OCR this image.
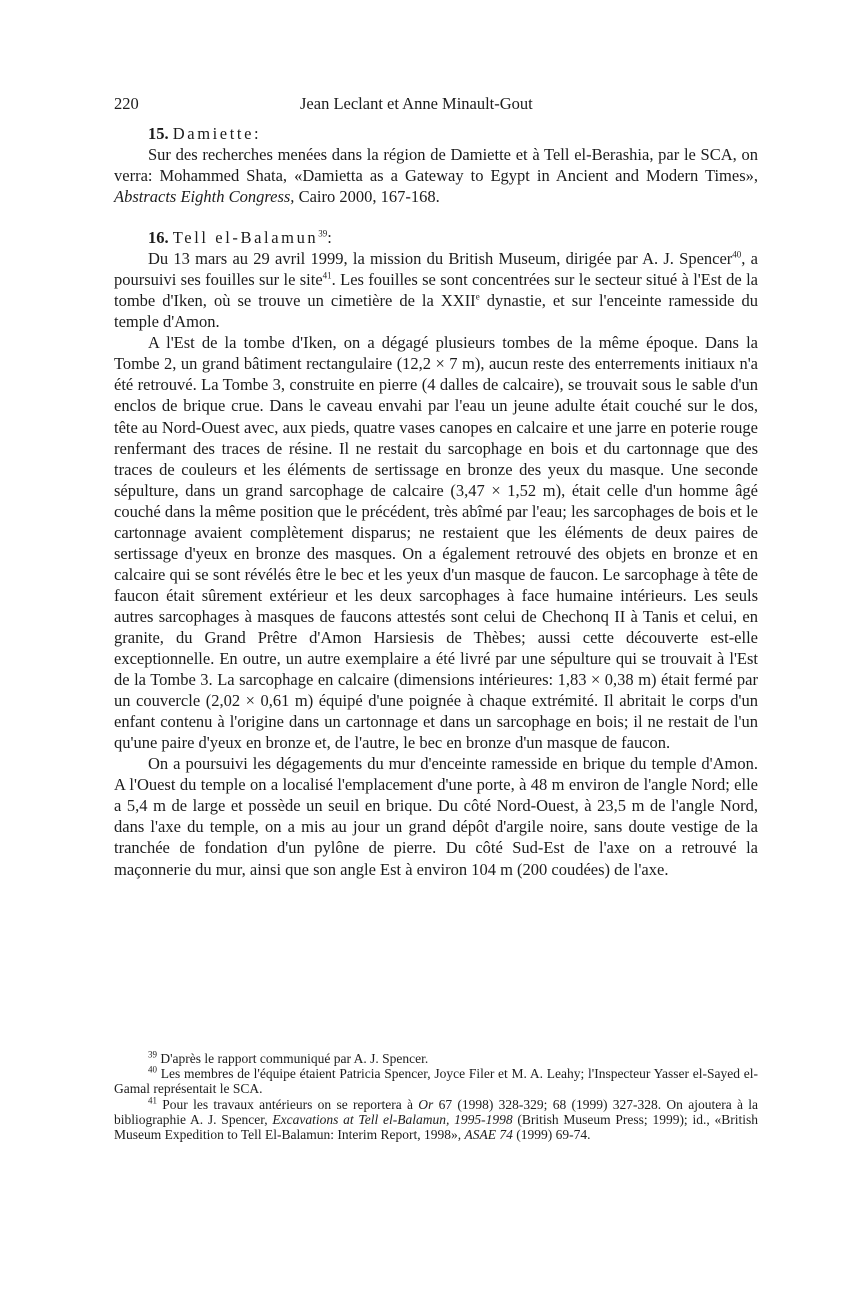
220	Jean Leclant et Anne Minault-Gout

15. Damiette:

Sur des recherches menées dans la région de Damiette et à Tell el-Berashia, par le SCA, on verra: Mohammed Shata, «Damietta as a Gateway to Egypt in Ancient and Modern Times», Abstracts Eighth Congress, Cairo 2000, 167-168.

16. Tell el-Balamun$^{39}$:

Du 13 mars au 29 avril 1999, la mission du British Museum, dirigée par A. J. Spencer$^{40}$, a poursuivi ses fouilles sur le site$^{41}$. Les fouilles se sont concentrées sur le secteur situé à l'Est de la tombe d'Iken, où se trouve un cimetière de la XXIIe dynastie, et sur l'enceinte ramesside du temple d'Amon.

A l'Est de la tombe d'Iken, on a dégagé plusieurs tombes de la même époque. Dans la Tombe 2, un grand bâtiment rectangulaire (12,2 × 7 m), aucun reste des enterrements initiaux n'a été retrouvé. La Tombe 3, construite en pierre (4 dalles de calcaire), se trouvait sous le sable d'un enclos de brique crue. Dans le caveau envahi par l'eau un jeune adulte était couché sur le dos, tête au Nord-Ouest avec, aux pieds, quatre vases canopes en calcaire et une jarre en poterie rouge renfermant des traces de résine. Il ne restait du sarcophage en bois et du cartonnage que des traces de couleurs et les éléments de sertissage en bronze des yeux du masque. Une seconde sépulture, dans un grand sarcophage de calcaire (3,47 × 1,52 m), était celle d'un homme âgé couché dans la même position que le précédent, très abîmé par l'eau; les sarcophages de bois et le cartonnage avaient complètement disparus; ne restaient que les éléments de deux paires de sertissage d'yeux en bronze des masques. On a également retrouvé des objets en bronze et en calcaire qui se sont révélés être le bec et les yeux d'un masque de faucon. Le sarcophage à tête de faucon était sûrement extérieur et les deux sarcophages à face humaine intérieurs. Les seuls autres sarcophages à masques de faucons attestés sont celui de Chechonq II à Tanis et celui, en granite, du Grand Prêtre d'Amon Harsiesis de Thèbes; aussi cette découverte est-elle exceptionnelle. En outre, un autre exemplaire a été livré par une sépulture qui se trouvait à l'Est de la Tombe 3. La sarcophage en calcaire (dimensions intérieures: 1,83 × 0,38 m) était fermé par un couvercle (2,02 × 0,61 m) équipé d'une poignée à chaque extrémité. Il abritait le corps d'un enfant contenu à l'origine dans un cartonnage et dans un sarcophage en bois; il ne restait de l'un qu'une paire d'yeux en bronze et, de l'autre, le bec en bronze d'un masque de faucon.

On a poursuivi les dégagements du mur d'enceinte ramesside en brique du temple d'Amon. A l'Ouest du temple on a localisé l'emplacement d'une porte, à 48 m environ de l'angle Nord; elle a 5,4 m de large et possède un seuil en brique. Du côté Nord-Ouest, à 23,5 m de l'angle Nord, dans l'axe du temple, on a mis au jour un grand dépôt d'argile noire, sans doute vestige de la tranchée de fondation d'un pylône de pierre. Du côté Sud-Est de l'axe on a retrouvé la maçonnerie du mur, ainsi que son angle Est à environ 104 m (200 coudées) de l'axe.

$^{39}$ D'après le rapport communiqué par A. J. Spencer.

$^{40}$ Les membres de l'équipe étaient Patricia Spencer, Joyce Filer et M. A. Leahy; l'Inspecteur Yasser el-Sayed el-Gamal représentait le SCA.

$^{41}$ Pour les travaux antérieurs on se reportera à Or 67 (1998) 328-329; 68 (1999) 327-328. On ajoutera à la bibliographie A. J. Spencer, Excavations at Tell el-Balamun, 1995-1998 (British Museum Press; 1999); id., «British Museum Expedition to Tell El-Balamun: Interim Report, 1998», ASAE 74 (1999) 69-74.
